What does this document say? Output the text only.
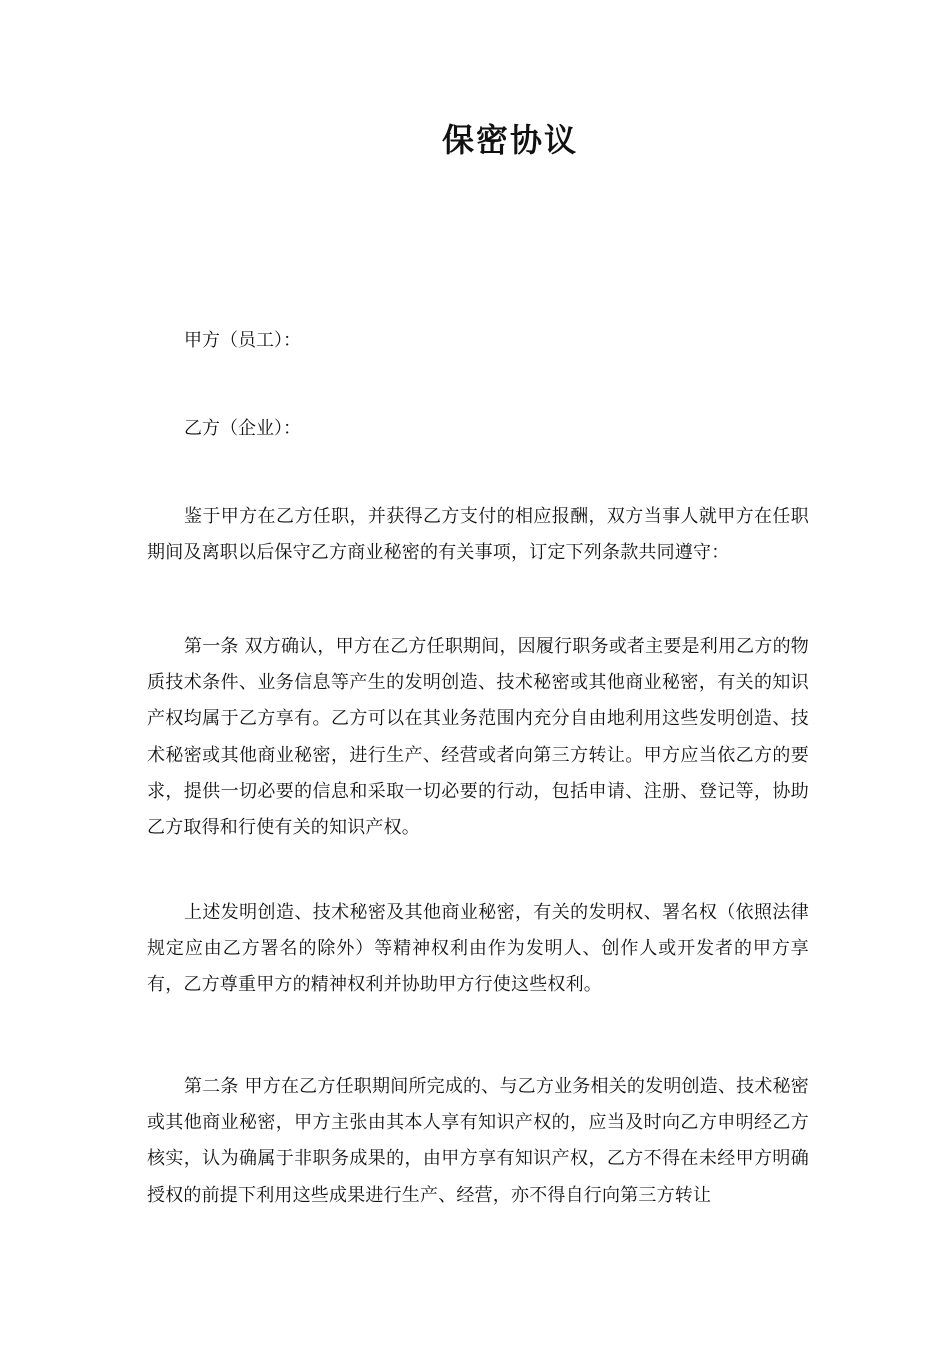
保密协议

甲方（员工）：

乙方（企业）：

鉴于甲方在乙方任职，并获得乙方支付的相应报酬，双方当事人就甲方在任职期间及离职以后保守乙方商业秘密的有关事项，订定下列条款共同遵守：

第一条 双方确认，甲方在乙方任职期间，因履行职务或者主要是利用乙方的物质技术条件、业务信息等产生的发明创造、技术秘密或其他商业秘密，有关的知识产权均属于乙方享有。乙方可以在其业务范围内充分自由地利用这些发明创造、技术秘密或其他商业秘密，进行生产、经营或者向第三方转让。甲方应当依乙方的要求，提供一切必要的信息和采取一切必要的行动，包括申请、注册、登记等，协助乙方取得和行使有关的知识产权。

上述发明创造、技术秘密及其他商业秘密，有关的发明权、署名权（依照法律规定应由乙方署名的除外）等精神权利由作为发明人、创作人或开发者的甲方享有，乙方尊重甲方的精神权利并协助甲方行使这些权利。

第二条 甲方在乙方任职期间所完成的、与乙方业务相关的发明创造、技术秘密或其他商业秘密，甲方主张由其本人享有知识产权的，应当及时向乙方申明经乙方核实，认为确属于非职务成果的，由甲方享有知识产权，乙方不得在未经甲方明确授权的前提下利用这些成果进行生产、经营，亦不得自行向第三方转让
